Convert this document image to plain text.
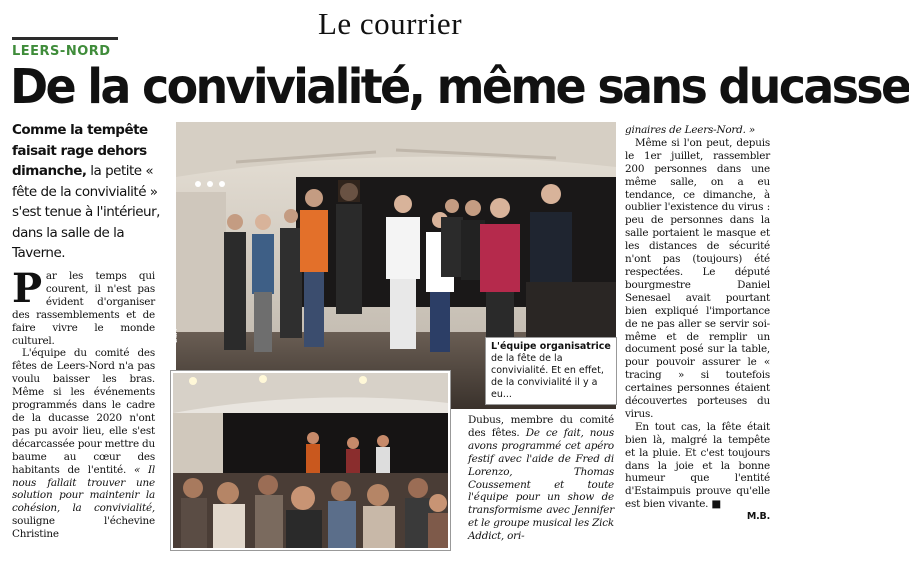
Le courrier
LEERS-NORD
De la convivialité, même sans ducasse
Comme la tempête faisait rage dehors dimanche, la petite « fête de la convivialité » s'est tenue à l'intérieur, dans la salle de la Taverne.

Par les temps qui courent, il n'est pas évident d'organiser des rassemblements et de faire vivre le monde culturel.

L'équipe du comité des fêtes de Leers-Nord n'a pas voulu baisser les bras. Même si les événements programmés dans le cadre de la ducasse 2020 n'ont pas pu avoir lieu, elle s'est décarcassée pour mettre du baume au cœur des habitants de l'entité. « Il nous fallait trouver une solution pour maintenir la cohésion, la convivialité, souligne l'échevine Christine

EdA
L'équipe organisatrice de la fête de la convivialité. Et en effet, de la convivialité il y a eu...

Dubus, membre du comité des fêtes. De ce fait, nous avons programmé cet apéro festif avec l'aide de Fred di Lorenzo, Thomas Coussement et toute l'équipe pour un show de transformisme avec Jennifer et le groupe musical les Zick Addict, ori-

ginaires de Leers-Nord. »

Même si l'on peut, depuis le 1er juillet, rassembler 200 personnes dans une même salle, on a eu tendance, ce dimanche, à oublier l'existence du virus : peu de personnes dans la salle portaient le masque et les distances de sécurité n'ont pas (toujours) été respectées. Le député bourgmestre Daniel Senesael avait pourtant bien expliqué l'importance de ne pas aller se servir soi-même et de remplir un document posé sur la table, pour pouvoir assurer le « tracing » si toutefois certaines personnes étaient découvertes porteuses du virus.

En tout cas, la fête était bien là, malgré la tempête et la pluie. Et c'est toujours dans la joie et la bonne humeur que l'entité d'Estaimpuis prouve qu'elle est bien vivante. ■

M.B.
